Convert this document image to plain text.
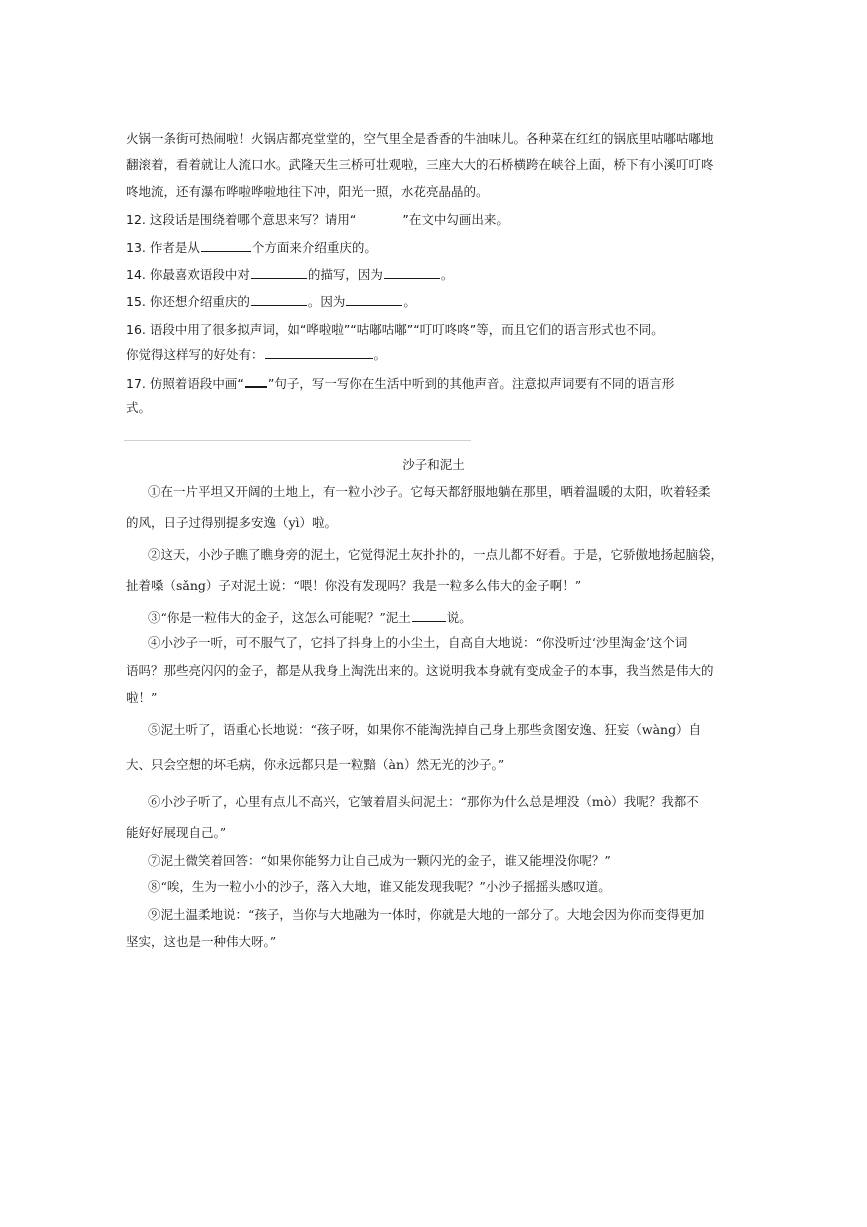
火锅一条街可热闹啦！火锅店都亮堂堂的，空气里全是香香的牛油味儿。各种菜在红红的锅底里咕嘟咕嘟地
翻滚着，看着就让人流口水。武隆天生三桥可壮观啦，三座大大的石桥横跨在峡谷上面，桥下有小溪叮叮咚
咚地流，还有瀑布哗啦哗啦地往下冲，阳光一照，水花亮晶晶的。
12. 这段话是围绕着哪个意思来写？请用“	”在文中勾画出来。
13. 作者是从	个方面来介绍重庆的。
14. 你最喜欢语段中对	的描写，因为	。
15. 你还想介绍重庆的	。因为	。
16. 语段中用了很多拟声词，如“哗啦啦”“咕嘟咕嘟”“叮叮咚咚”等，而且它们的语言形式也不同。
你觉得这样写的好处有：	。
17. 仿照着语段中画“ ”句子，写一写你在生活中听到的其他声音。注意拟声词要有不同的语言形
式。
沙子和泥土
①在一片平坦又开阔的土地上，有一粒小沙子。它每天都舒服地躺在那里，晒着温暖的太阳，吹着轻柔
的风，日子过得别提多安逸（yì）啦。
②这天，小沙子瞧了瞧身旁的泥土，它觉得泥土灰扑扑的，一点儿都不好看。于是，它骄傲地扬起脑袋，
扯着嗓（sǎng）子对泥土说：“喂！你没有发现吗？我是一粒多么伟大的金子啊！”
③“你是一粒伟大的金子，这怎么可能呢？”泥土	说。
④小沙子一听，可不服气了，它抖了抖身上的小尘土，自高自大地说：“你没听过‘沙里淘金’这个词
语吗？那些亮闪闪的金子，都是从我身上淘洗出来的。这说明我本身就有变成金子的本事，我当然是伟大的
啦！”
⑤泥土听了，语重心长地说：“孩子呀，如果你不能淘洗掉自己身上那些贪图安逸、狂妄（wàng）自
大、只会空想的坏毛病，你永远都只是一粒黯（àn）然无光的沙子。”
⑥小沙子听了，心里有点儿不高兴，它皱着眉头问泥土：“那你为什么总是埋没（mò）我呢？我都不
能好好展现自己。”
⑦泥土微笑着回答：“如果你能努力让自己成为一颗闪光的金子，谁又能埋没你呢？”
⑧“唉，生为一粒小小的沙子，落入大地，谁又能发现我呢？”小沙子摇摇头感叹道。
⑨泥土温柔地说：“孩子，当你与大地融为一体时，你就是大地的一部分了。大地会因为你而变得更加
坚实，这也是一种伟大呀。”
